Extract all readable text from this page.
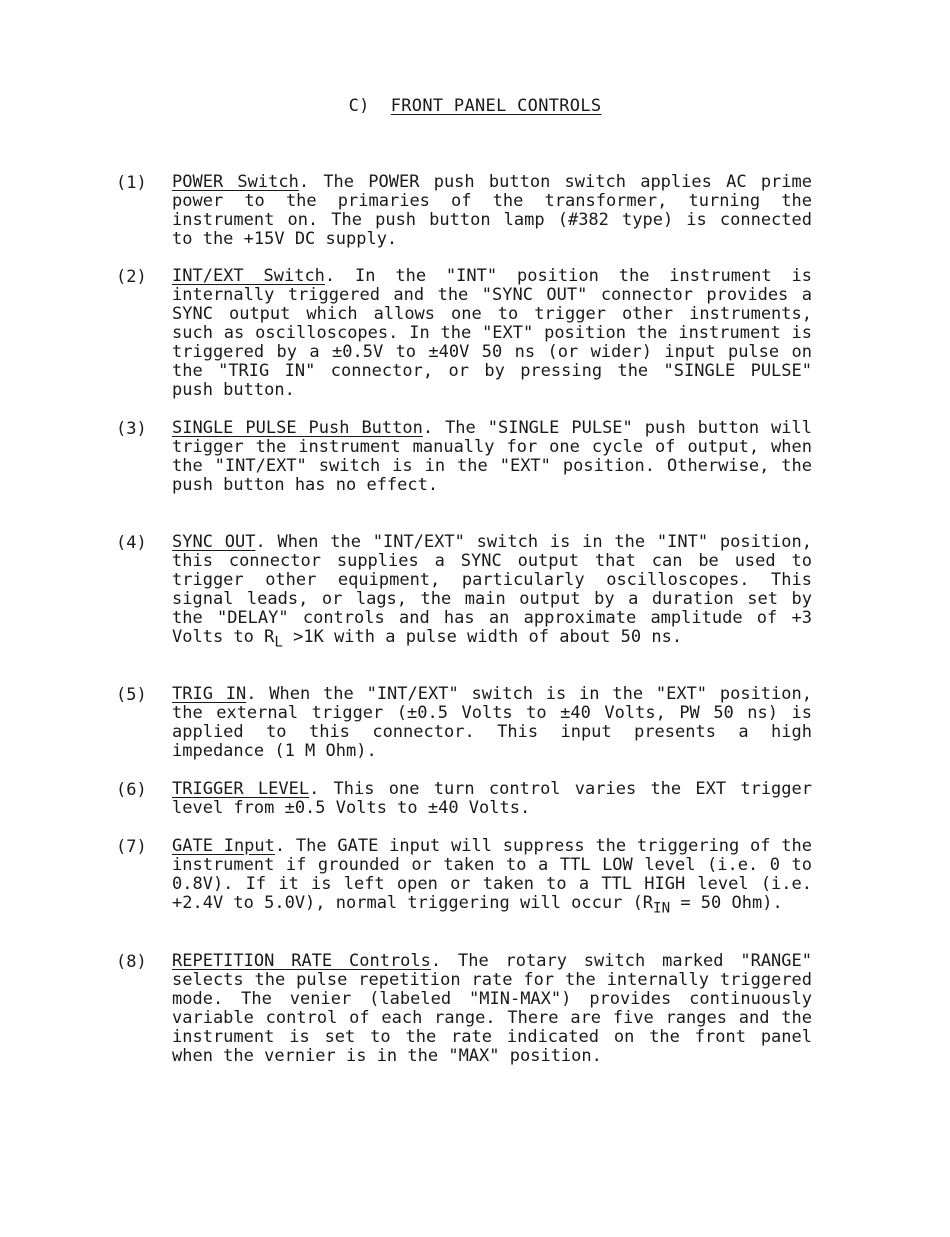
C) FRONT PANEL CONTROLS
(1) POWER Switch. The POWER push button switch applies AC prime power to the primaries of the transformer, turning the instrument on. The push button lamp (#382 type) is connected to the +15V DC supply.
(2) INT/EXT Switch. In the "INT" position the instrument is internally triggered and the "SYNC OUT" connector provides a SYNC output which allows one to trigger other instruments, such as oscilloscopes. In the "EXT" position the instrument is triggered by a ±0.5V to ±40V 50 ns (or wider) input pulse on the "TRIG IN" connector, or by pressing the "SINGLE PULSE" push button.
(3) SINGLE PULSE Push Button. The "SINGLE PULSE" push button will trigger the instrument manually for one cycle of output, when the "INT/EXT" switch is in the "EXT" position. Otherwise, the push button has no effect.
(4) SYNC OUT. When the "INT/EXT" switch is in the "INT" position, this connector supplies a SYNC output that can be used to trigger other equipment, particularly oscilloscopes. This signal leads, or lags, the main output by a duration set by the "DELAY" controls and has an approximate amplitude of +3 Volts to $R_L >1K$ with a pulse width of about 50 ns.
(5) TRIG IN. When the "INT/EXT" switch is in the "EXT" position, the external trigger (±0.5 Volts to ±40 Volts, PW 50 ns) is applied to this connector. This input presents a high impedance (1 M Ohm).
(6) TRIGGER LEVEL. This one turn control varies the EXT trigger level from ±0.5 Volts to ±40 Volts.
(7) GATE Input. The GATE input will suppress the triggering of the instrument if grounded or taken to a TTL LOW level (i.e. 0 to 0.8V). If it is left open or taken to a TTL HIGH level (i.e. +2.4V to 5.0V), normal triggering will occur ($R_{IN} = 50$ Ohm).
(8) REPETITION RATE Controls. The rotary switch marked "RANGE" selects the pulse repetition rate for the internally triggered mode. The venier (labeled "MIN-MAX") provides continuously variable control of each range. There are five ranges and the instrument is set to the rate indicated on the front panel when the vernier is in the "MAX" position.
